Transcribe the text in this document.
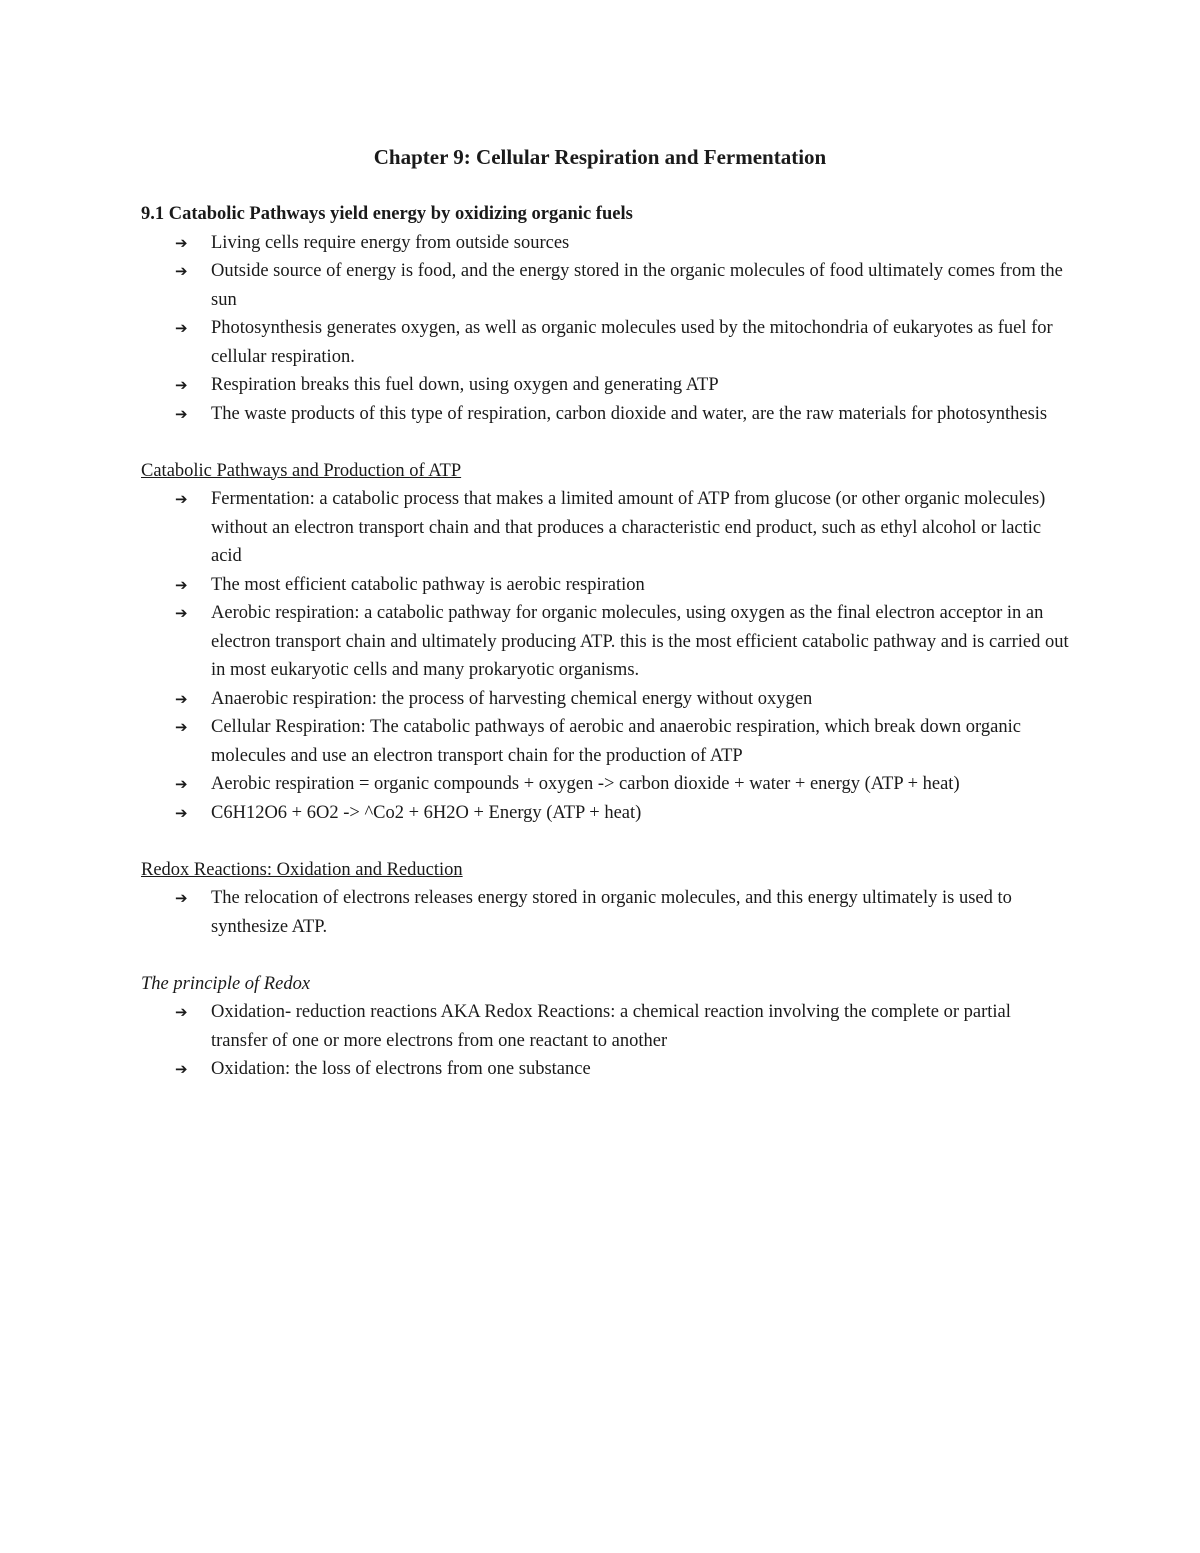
Chapter 9: Cellular Respiration and Fermentation

9.1 Catabolic Pathways yield energy by oxidizing organic fuels

➔ Living cells require energy from outside sources
➔ Outside source of energy is food, and the energy stored in the organic molecules of food ultimately comes from the sun
➔ Photosynthesis generates oxygen, as well as organic molecules used by the mitochondria of eukaryotes as fuel for cellular respiration.
➔ Respiration breaks this fuel down, using oxygen and generating ATP
➔ The waste products of this type of respiration, carbon dioxide and water, are the raw materials for photosynthesis

Catabolic Pathways and Production of ATP

➔ Fermentation: a catabolic process that makes a limited amount of ATP from glucose (or other organic molecules) without an electron transport chain and that produces a characteristic end product, such as ethyl alcohol or lactic acid
➔ The most efficient catabolic pathway is aerobic respiration
➔ Aerobic respiration: a catabolic pathway for organic molecules, using oxygen as the final electron acceptor in an electron transport chain and ultimately producing ATP. this is the most efficient catabolic pathway and is carried out in most eukaryotic cells and many prokaryotic organisms.
➔ Anaerobic respiration: the process of harvesting chemical energy without oxygen
➔ Cellular Respiration: The catabolic pathways of aerobic and anaerobic respiration, which break down organic molecules and use an electron transport chain for the production of ATP
➔ Aerobic respiration = organic compounds + oxygen -> carbon dioxide + water + energy (ATP + heat)
➔ C6H12O6 + 6O2 -> ^Co2 + 6H2O + Energy (ATP + heat)

Redox Reactions: Oxidation and Reduction

➔ The relocation of electrons releases energy stored in organic molecules, and this energy ultimately is used to synthesize ATP.

The principle of Redox

➔ Oxidation- reduction reactions AKA Redox Reactions: a chemical reaction involving the complete or partial transfer of one or more electrons from one reactant to another
➔ Oxidation: the loss of electrons from one substance
